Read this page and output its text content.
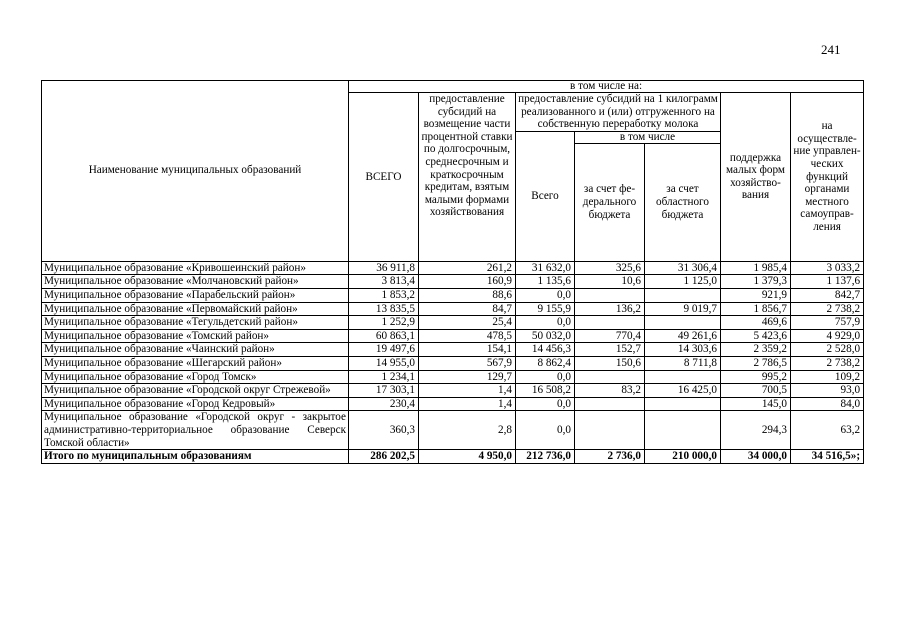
241
Наименование муниципальных образований	в том числе на:						
	ВСЕГО	предоставление субсидий на возмещение части процентной ставки по долгосрочным, среднесрочным и краткосрочным кредитам, взятым малыми формами хозяйствования	предоставление субсидий на 1 килограмм реализованного и (или) отгруженного на собственную переработку молока			поддержка малых форм хозяйство-вания	на осуществле-ние управлен-ческих функций органами местного самоуправ-ления
			Всего	в том числе			
				за счет фе-дерального бюджета	за счет областного бюджета		
Муниципальное образование «Кривошеинский район»	36 911,8	261,2	31 632,0	325,6	31 306,4	1 985,4	3 033,2
Муниципальное образование «Молчановский район»	3 813,4	160,9	1 135,6	10,6	1 125,0	1 379,3	1 137,6
Муниципальное образование «Парабельский район»	1 853,2	88,6	0,0			921,9	842,7
Муниципальное образование «Первомайский район»	13 835,5	84,7	9 155,9	136,2	9 019,7	1 856,7	2 738,2
Муниципальное образование «Тегульдетский район»	1 252,9	25,4	0,0			469,6	757,9
Муниципальное образование «Томский район»	60 863,1	478,5	50 032,0	770,4	49 261,6	5 423,6	4 929,0
Муниципальное образование «Чаинский район»	19 497,6	154,1	14 456,3	152,7	14 303,6	2 359,2	2 528,0
Муниципальное образование «Шегарский район»	14 955,0	567,9	8 862,4	150,6	8 711,8	2 786,5	2 738,2
Муниципальное образование «Город Томск»	1 234,1	129,7	0,0			995,2	109,2
Муниципальное образование «Городской округ Стрежевой»	17 303,1	1,4	16 508,2	83,2	16 425,0	700,5	93,0
Муниципальное образование «Город Кедровый»	230,4	1,4	0,0			145,0	84,0
Муниципальное образование «Городской округ - закрытое административно-территориальное образование Северск Томской области»	360,3	2,8	0,0			294,3	63,2
Итого по муниципальным образованиям	286 202,5	4 950,0	212 736,0	2 736,0	210 000,0	34 000,0	34 516,5»;
